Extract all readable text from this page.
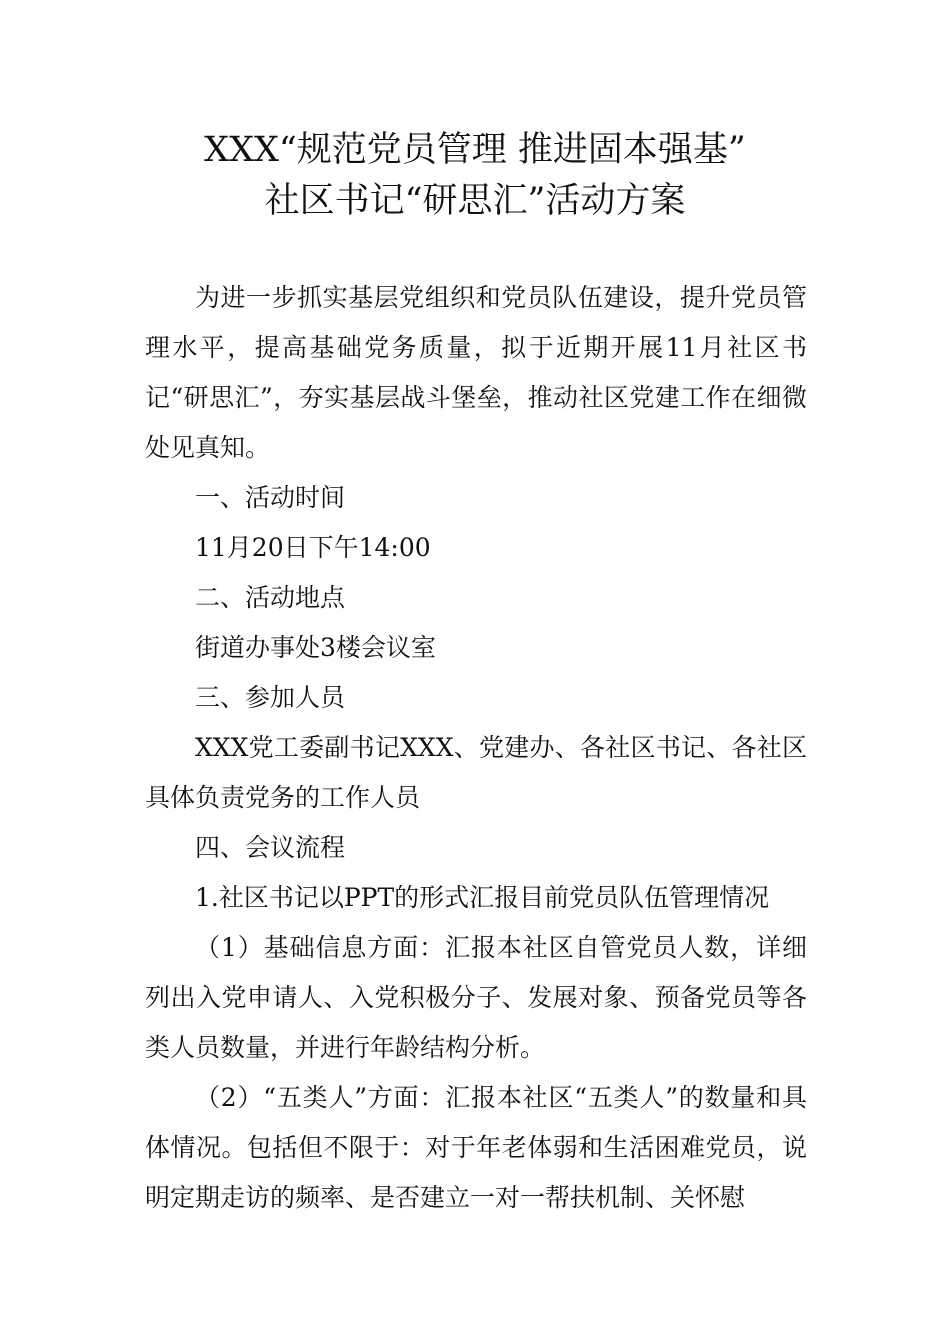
XXX“规范党员管理 推进固本强基”
社区书记“研思汇”活动方案
为进一步抓实基层党组织和党员队伍建设，提升党员管理水平，提高基础党务质量，拟于近期开展11月社区书记“研思汇”，夯实基层战斗堡垒，推动社区党建工作在细微处见真知。
一、活动时间
11月20日下午14:00
二、活动地点
街道办事处3楼会议室
三、参加人员
XXX党工委副书记XXX、党建办、各社区书记、各社区具体负责党务的工作人员
四、会议流程
1.社区书记以PPT的形式汇报目前党员队伍管理情况
（1）基础信息方面：汇报本社区自管党员人数，详细列出入党申请人、入党积极分子、发展对象、预备党员等各类人员数量，并进行年龄结构分析。
（2）“五类人”方面：汇报本社区“五类人”的数量和具体情况。包括但不限于：对于年老体弱和生活困难党员，说明定期走访的频率、是否建立一对一帮扶机制、关怀慰
